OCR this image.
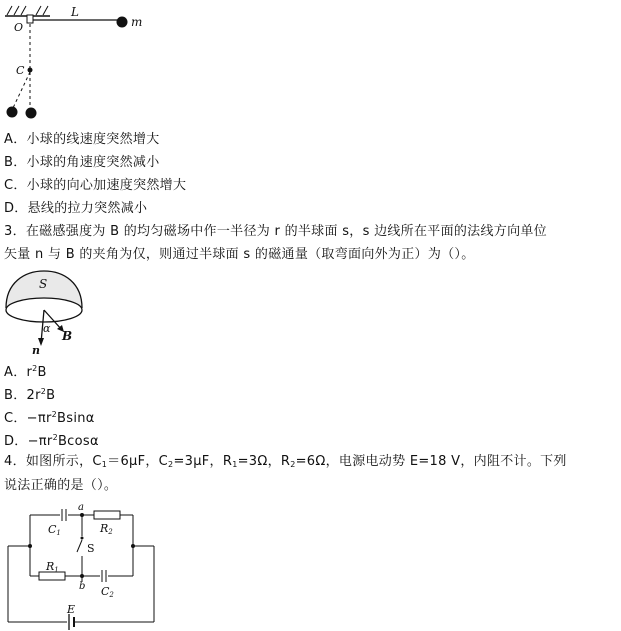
O
L
m
C
A．小球的线速度突然增大
B．小球的角速度突然减小
C．小球的向心加速度突然增大
D．悬线的拉力突然减小
3．在磁感强度为 B 的均匀磁场中作一半径为 r 的半球面 s，s 边线所在平面的法线方向单位
矢量 n 与 B 的夹角为仅，则通过半球面 s 的磁通量（取弯面向外为正）为（）。
S
α
B
n
A．$r^2B$
B．$2r^2B$
C．$-\pi r^2Bsin\alpha$
D．$-\pi r^2Bcos\alpha$
4．如图所示，$C_1=6\mu F$，$C_2=3\mu F$，$R_1=3\Omega$，$R_2=6\Omega$，电源电动势 E=18 V，内阻不计。下列
说法正确的是（）。
C1
a
R2
S
R1
b C2
E
